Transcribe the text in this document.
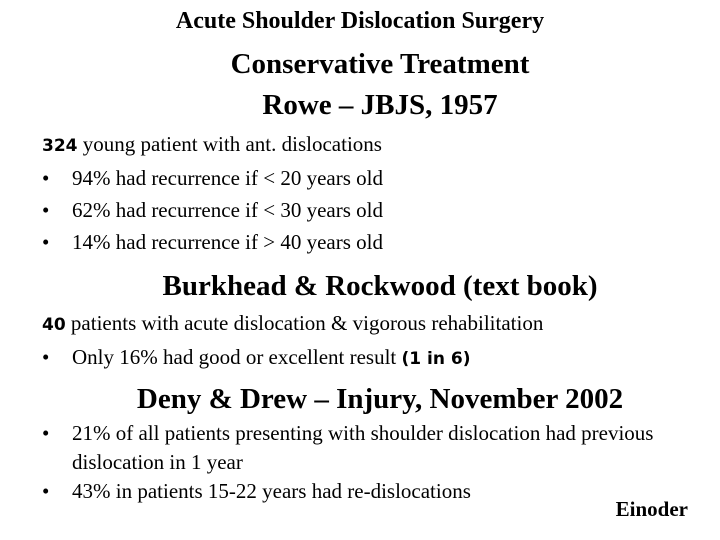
Acute Shoulder Dislocation Surgery
Conservative Treatment
Rowe – JBJS, 1957
324 young patient with ant. dislocations
• 94% had recurrence if < 20 years old
• 62% had recurrence if < 30 years old
• 14% had recurrence if > 40 years old
Burkhead & Rockwood (text book)
40 patients with acute dislocation & vigorous rehabilitation
• Only 16% had good or excellent result (1 in 6)
Deny & Drew – Injury, November 2002
• 21% of all patients presenting with shoulder dislocation had previous dislocation in 1 year
• 43% in patients 15-22 years had re-dislocations
Einoder
